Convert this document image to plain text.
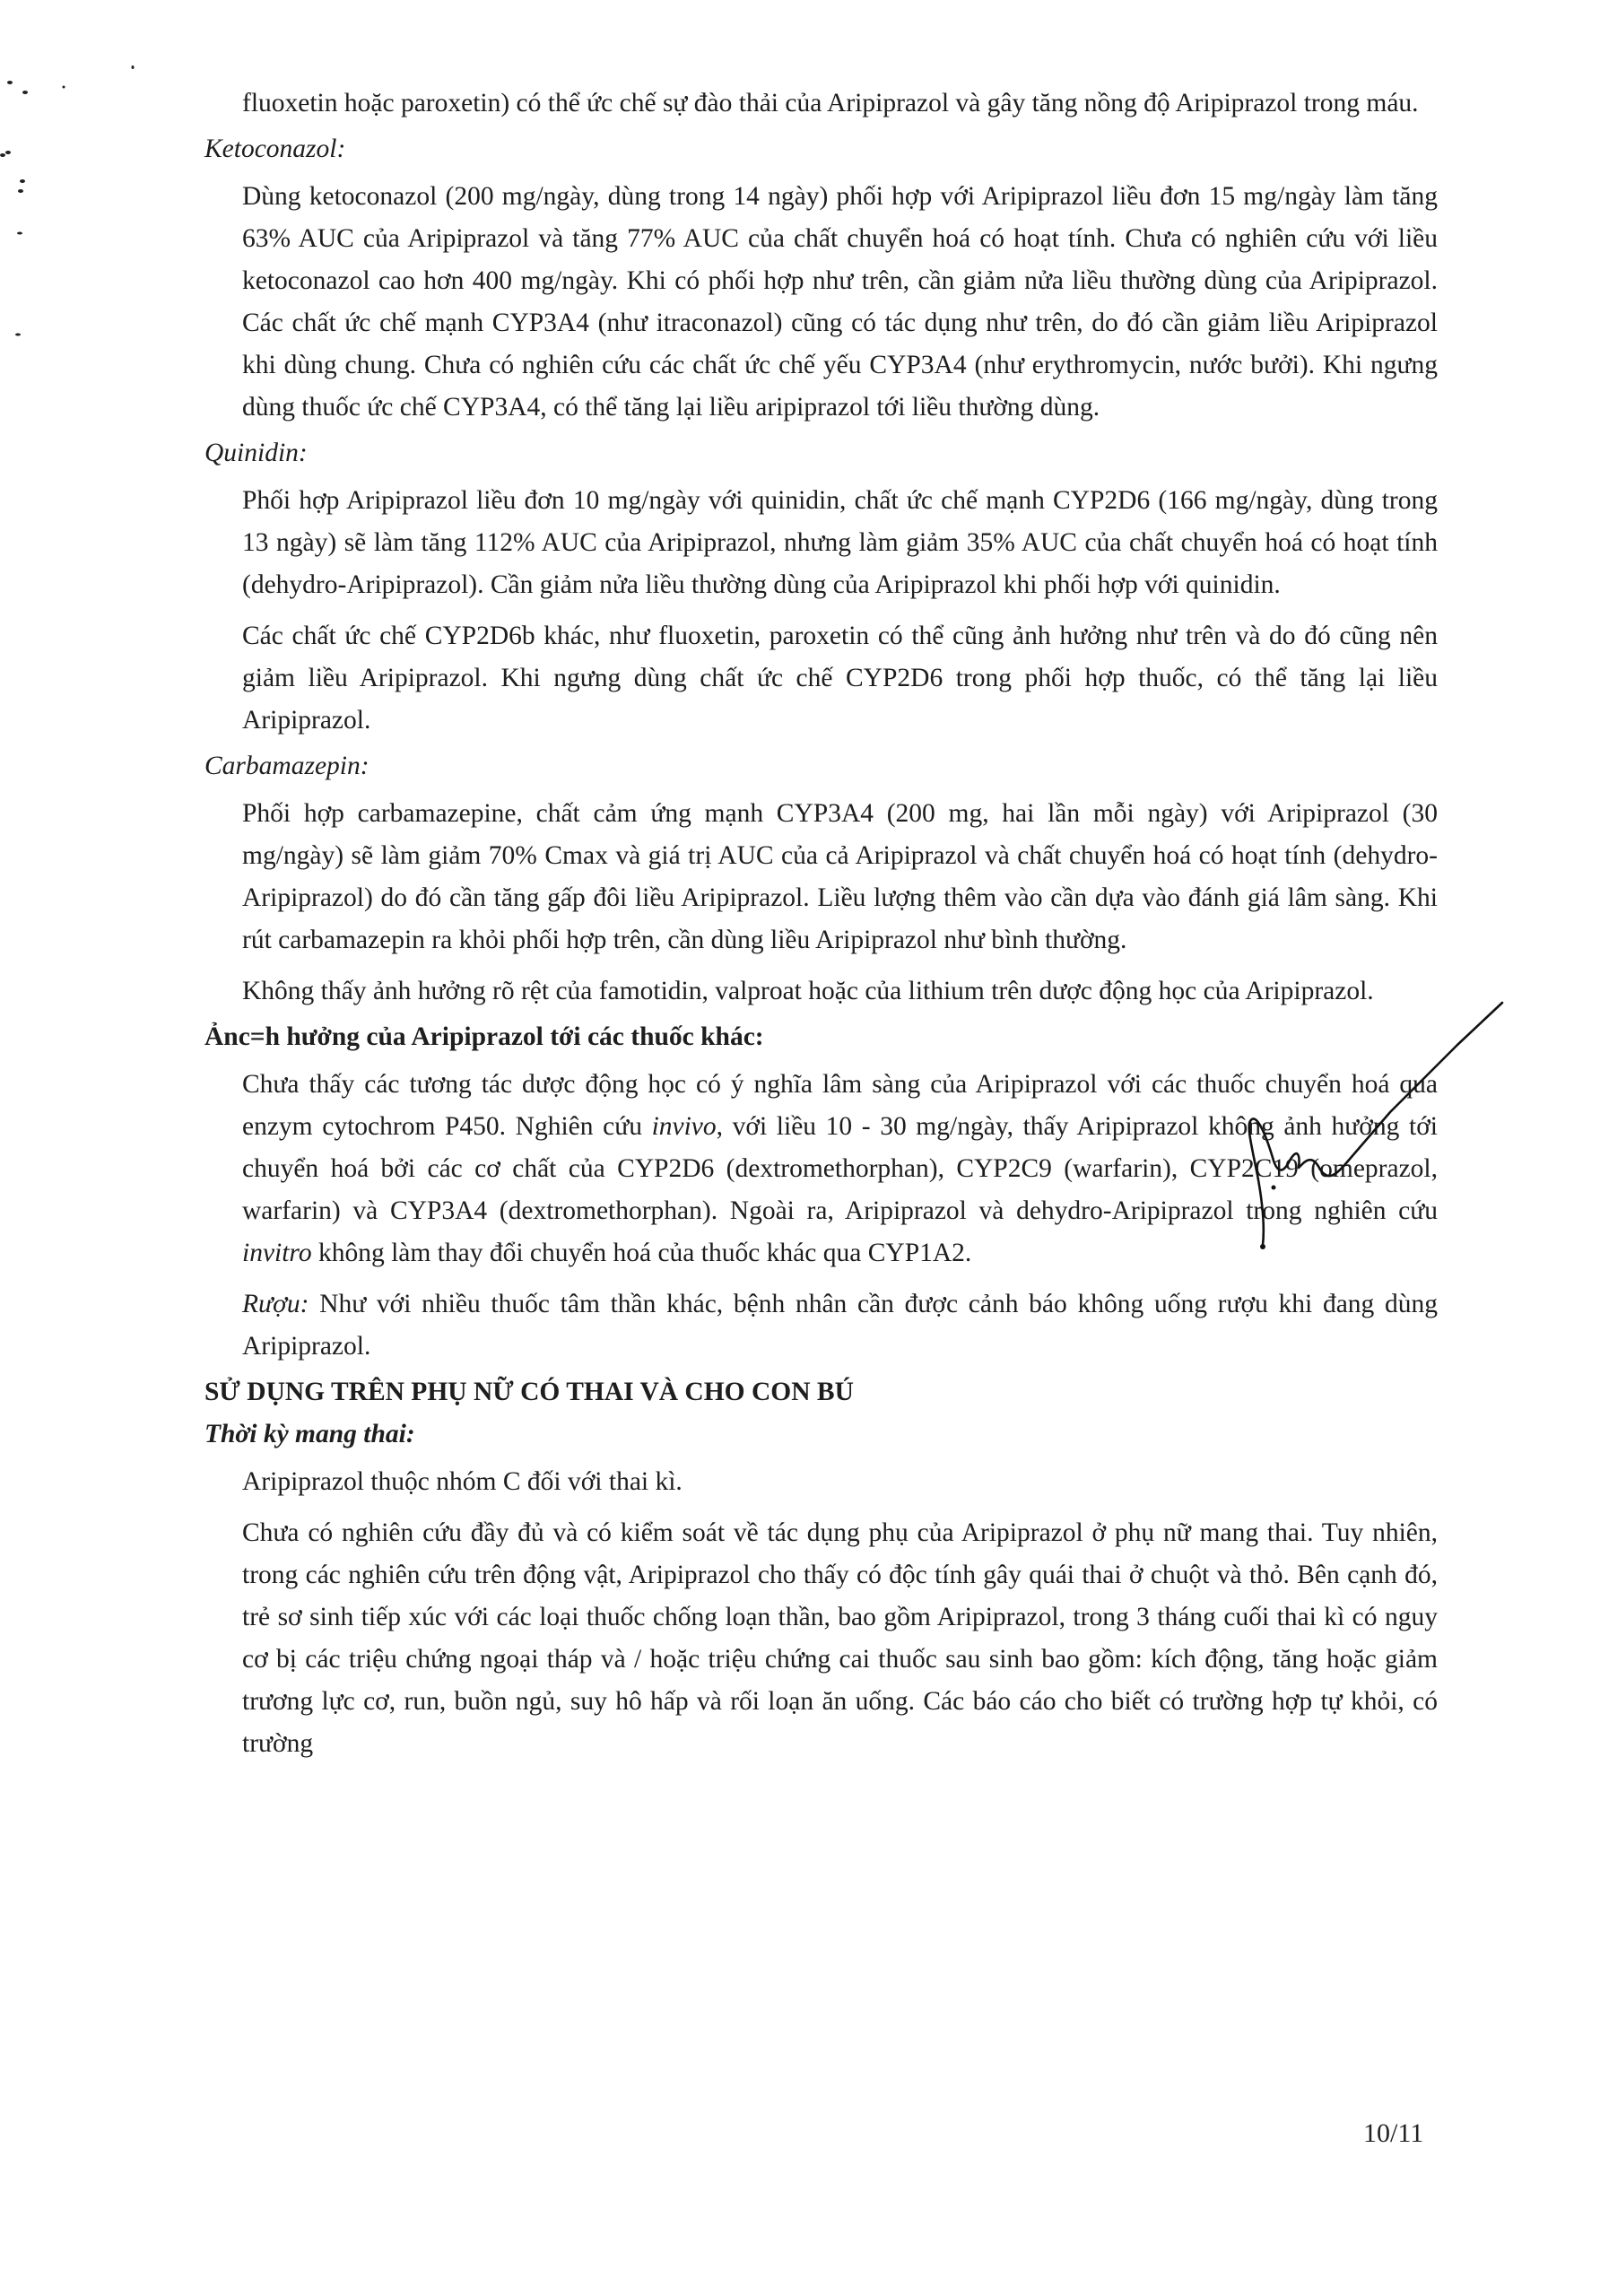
fluoxetin hoặc paroxetin) có thể ức chế sự đào thải của Aripiprazol và gây tăng nồng độ Aripiprazol trong máu.

Ketoconazol:

Dùng ketoconazol (200 mg/ngày, dùng trong 14 ngày) phối hợp với Aripiprazol liều đơn 15 mg/ngày làm tăng 63% AUC của Aripiprazol và tăng 77% AUC của chất chuyển hoá có hoạt tính. Chưa có nghiên cứu với liều ketoconazol cao hơn 400 mg/ngày. Khi có phối hợp như trên, cần giảm nửa liều thường dùng của Aripiprazol. Các chất ức chế mạnh CYP3A4 (như itraconazol) cũng có tác dụng như trên, do đó cần giảm liều Aripiprazol khi dùng chung. Chưa có nghiên cứu các chất ức chế yếu CYP3A4 (như erythromycin, nước bưởi). Khi ngưng dùng thuốc ức chế CYP3A4, có thể tăng lại liều aripiprazol tới liều thường dùng.

Quinidin:

Phối hợp Aripiprazol liều đơn 10 mg/ngày với quinidin, chất ức chế mạnh CYP2D6 (166 mg/ngày, dùng trong 13 ngày) sẽ làm tăng 112% AUC của Aripiprazol, nhưng làm giảm 35% AUC của chất chuyển hoá có hoạt tính (dehydro-Aripiprazol). Cần giảm nửa liều thường dùng của Aripiprazol khi phối hợp với quinidin.

Các chất ức chế CYP2D6b khác, như fluoxetin, paroxetin có thể cũng ảnh hưởng như trên và do đó cũng nên giảm liều Aripiprazol. Khi ngưng dùng chất ức chế CYP2D6 trong phối hợp thuốc, có thể tăng lại liều Aripiprazol.

Carbamazepin:

Phối hợp carbamazepine, chất cảm ứng mạnh CYP3A4 (200 mg, hai lần mỗi ngày) với Aripiprazol (30 mg/ngày) sẽ làm giảm 70% Cmax và giá trị AUC của cả Aripiprazol và chất chuyển hoá có hoạt tính (dehydro-Aripiprazol) do đó cần tăng gấp đôi liều Aripiprazol. Liều lượng thêm vào cần dựa vào đánh giá lâm sàng. Khi rút carbamazepin ra khỏi phối hợp trên, cần dùng liều Aripiprazol như bình thường.

Không thấy ảnh hưởng rõ rệt của famotidin, valproat hoặc của lithium trên dược động học của Aripiprazol.

Ảnc=h hưởng của Aripiprazol tới các thuốc khác:

Chưa thấy các tương tác dược động học có ý nghĩa lâm sàng của Aripiprazol với các thuốc chuyển hoá qua enzym cytochrom P450. Nghiên cứu invivo, với liều 10 - 30 mg/ngày, thấy Aripiprazol không ảnh hưởng tới chuyển hoá bởi các cơ chất của CYP2D6 (dextromethorphan), CYP2C9 (warfarin), CYP2C19 (omeprazol, warfarin) và CYP3A4 (dextromethorphan). Ngoài ra, Aripiprazol và dehydro-Aripiprazol trong nghiên cứu invitro không làm thay đổi chuyển hoá của thuốc khác qua CYP1A2.

Rượu: Như với nhiều thuốc tâm thần khác, bệnh nhân cần được cảnh báo không uống rượu khi đang dùng Aripiprazol.

SỬ DỤNG TRÊN PHỤ NỮ CÓ THAI VÀ CHO CON BÚ

Thời kỳ mang thai:

Aripiprazol thuộc nhóm C đối với thai kì.

Chưa có nghiên cứu đầy đủ và có kiểm soát về tác dụng phụ của Aripiprazol ở phụ nữ mang thai. Tuy nhiên, trong các nghiên cứu trên động vật, Aripiprazol cho thấy có độc tính gây quái thai ở chuột và thỏ. Bên cạnh đó, trẻ sơ sinh tiếp xúc với các loại thuốc chống loạn thần, bao gồm Aripiprazol, trong 3 tháng cuối thai kì có nguy cơ bị các triệu chứng ngoại tháp và / hoặc triệu chứng cai thuốc sau sinh bao gồm: kích động, tăng hoặc giảm trương lực cơ, run, buồn ngủ, suy hô hấp và rối loạn ăn uống. Các báo cáo cho biết có trường hợp tự khỏi, có trường

10/11
